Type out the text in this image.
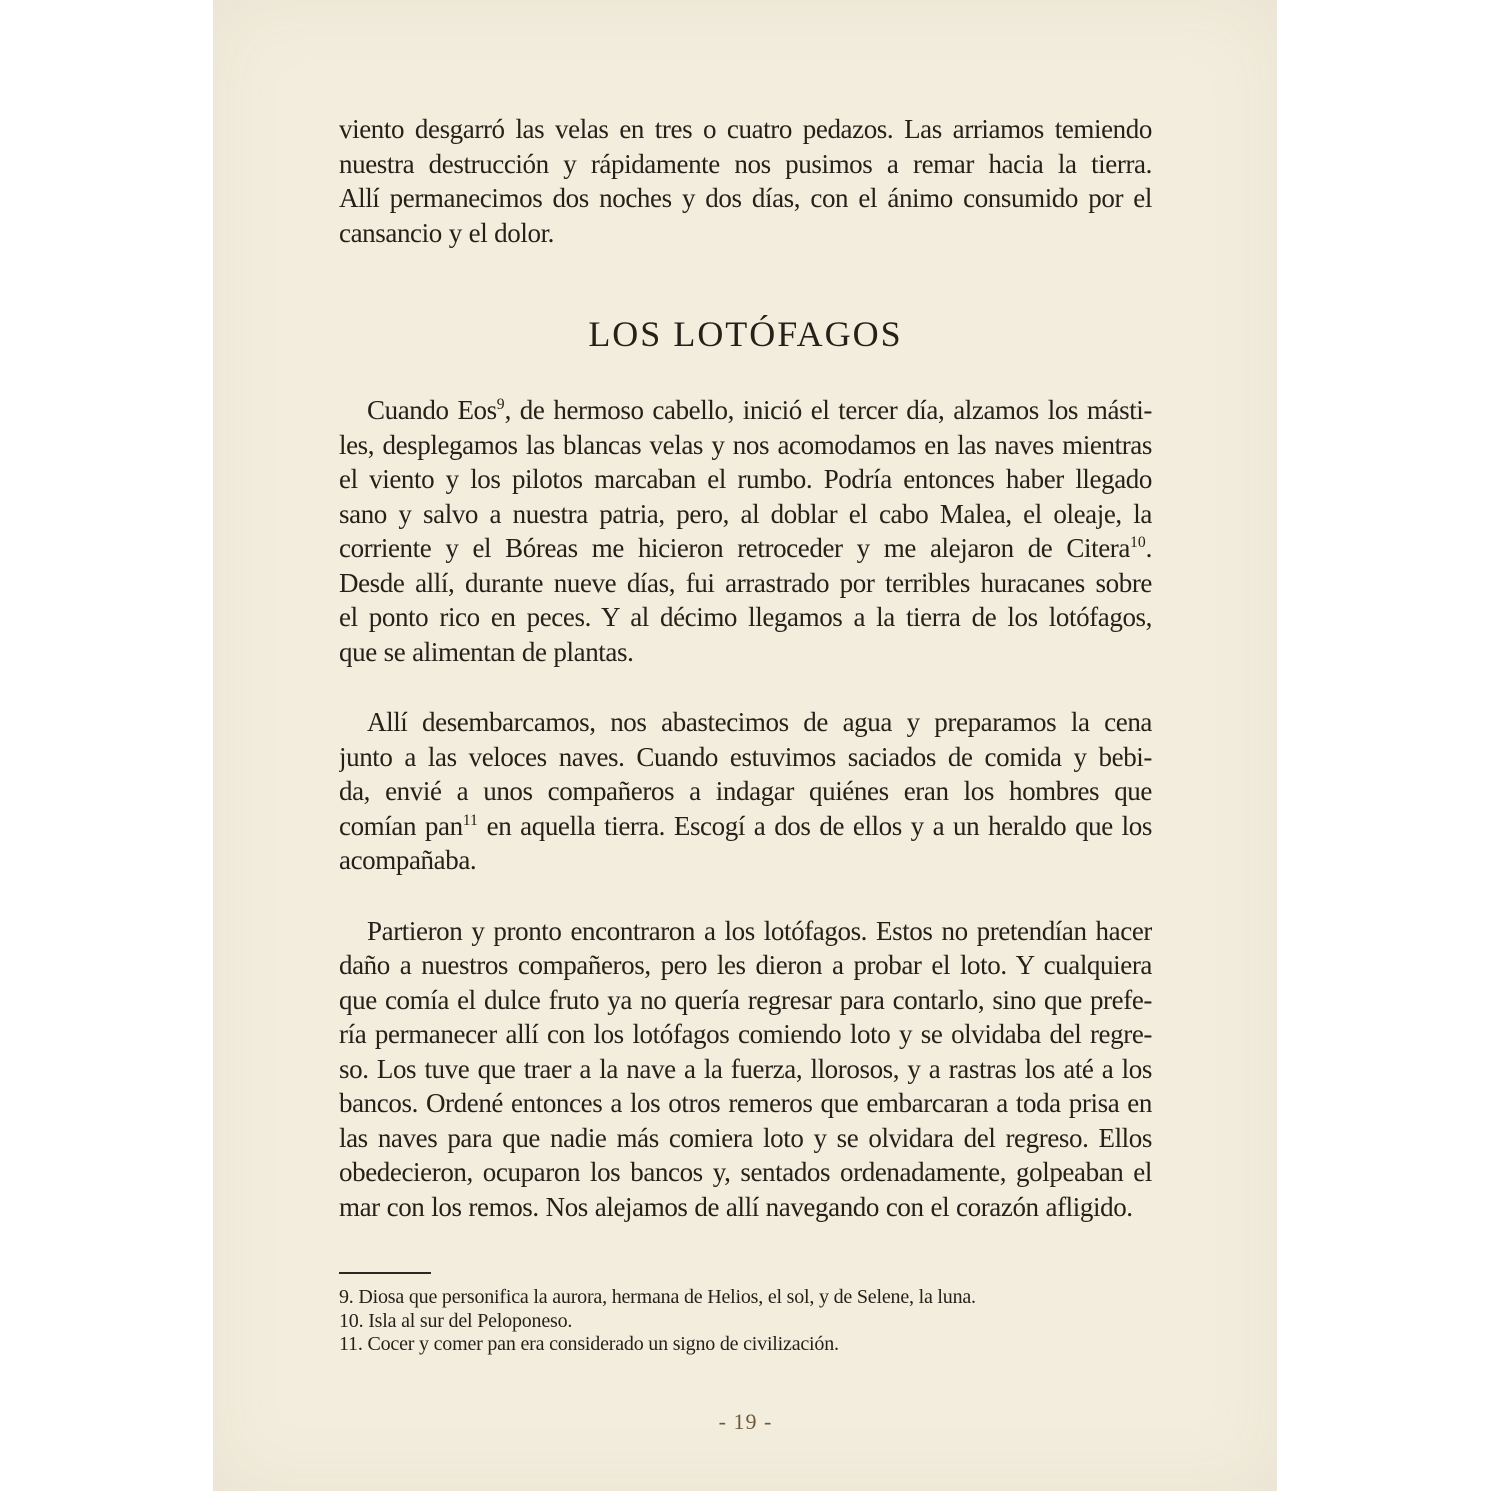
viento desgarró las velas en tres o cuatro pedazos. Las arriamos temiendo
nuestra destrucción y rápidamente nos pusimos a remar hacia la tierra.
Allí permanecimos dos noches y dos días, con el ánimo consumido por el
cansancio y el dolor.
LOS LOTÓFAGOS
Cuando Eos$^9$, de hermoso cabello, inició el tercer día, alzamos los másti-
les, desplegamos las blancas velas y nos acomodamos en las naves mientras
el viento y los pilotos marcaban el rumbo. Podría entonces haber llegado
sano y salvo a nuestra patria, pero, al doblar el cabo Malea, el oleaje, la
corriente y el Bóreas me hicieron retroceder y me alejaron de Citera$^{10}$.
Desde allí, durante nueve días, fui arrastrado por terribles huracanes sobre
el ponto rico en peces. Y al décimo llegamos a la tierra de los lotófagos,
que se alimentan de plantas.
Allí desembarcamos, nos abastecimos de agua y preparamos la cena
junto a las veloces naves. Cuando estuvimos saciados de comida y bebi-
da, envié a unos compañeros a indagar quiénes eran los hombres que
comían pan$^{11}$ en aquella tierra. Escogí a dos de ellos y a un heraldo que los
acompañaba.
Partieron y pronto encontraron a los lotófagos. Estos no pretendían hacer
daño a nuestros compañeros, pero les dieron a probar el loto. Y cualquiera
que comía el dulce fruto ya no quería regresar para contarlo, sino que prefe-
ría permanecer allí con los lotófagos comiendo loto y se olvidaba del regre-
so. Los tuve que traer a la nave a la fuerza, llorosos, y a rastras los até a los
bancos. Ordené entonces a los otros remeros que embarcaran a toda prisa en
las naves para que nadie más comiera loto y se olvidara del regreso. Ellos
obedecieron, ocuparon los bancos y, sentados ordenadamente, golpeaban el
mar con los remos. Nos alejamos de allí navegando con el corazón afligido.
9. Diosa que personifica la aurora, hermana de Helios, el sol, y de Selene, la luna.
10. Isla al sur del Peloponeso.
11. Cocer y comer pan era considerado un signo de civilización.
- 19 -
